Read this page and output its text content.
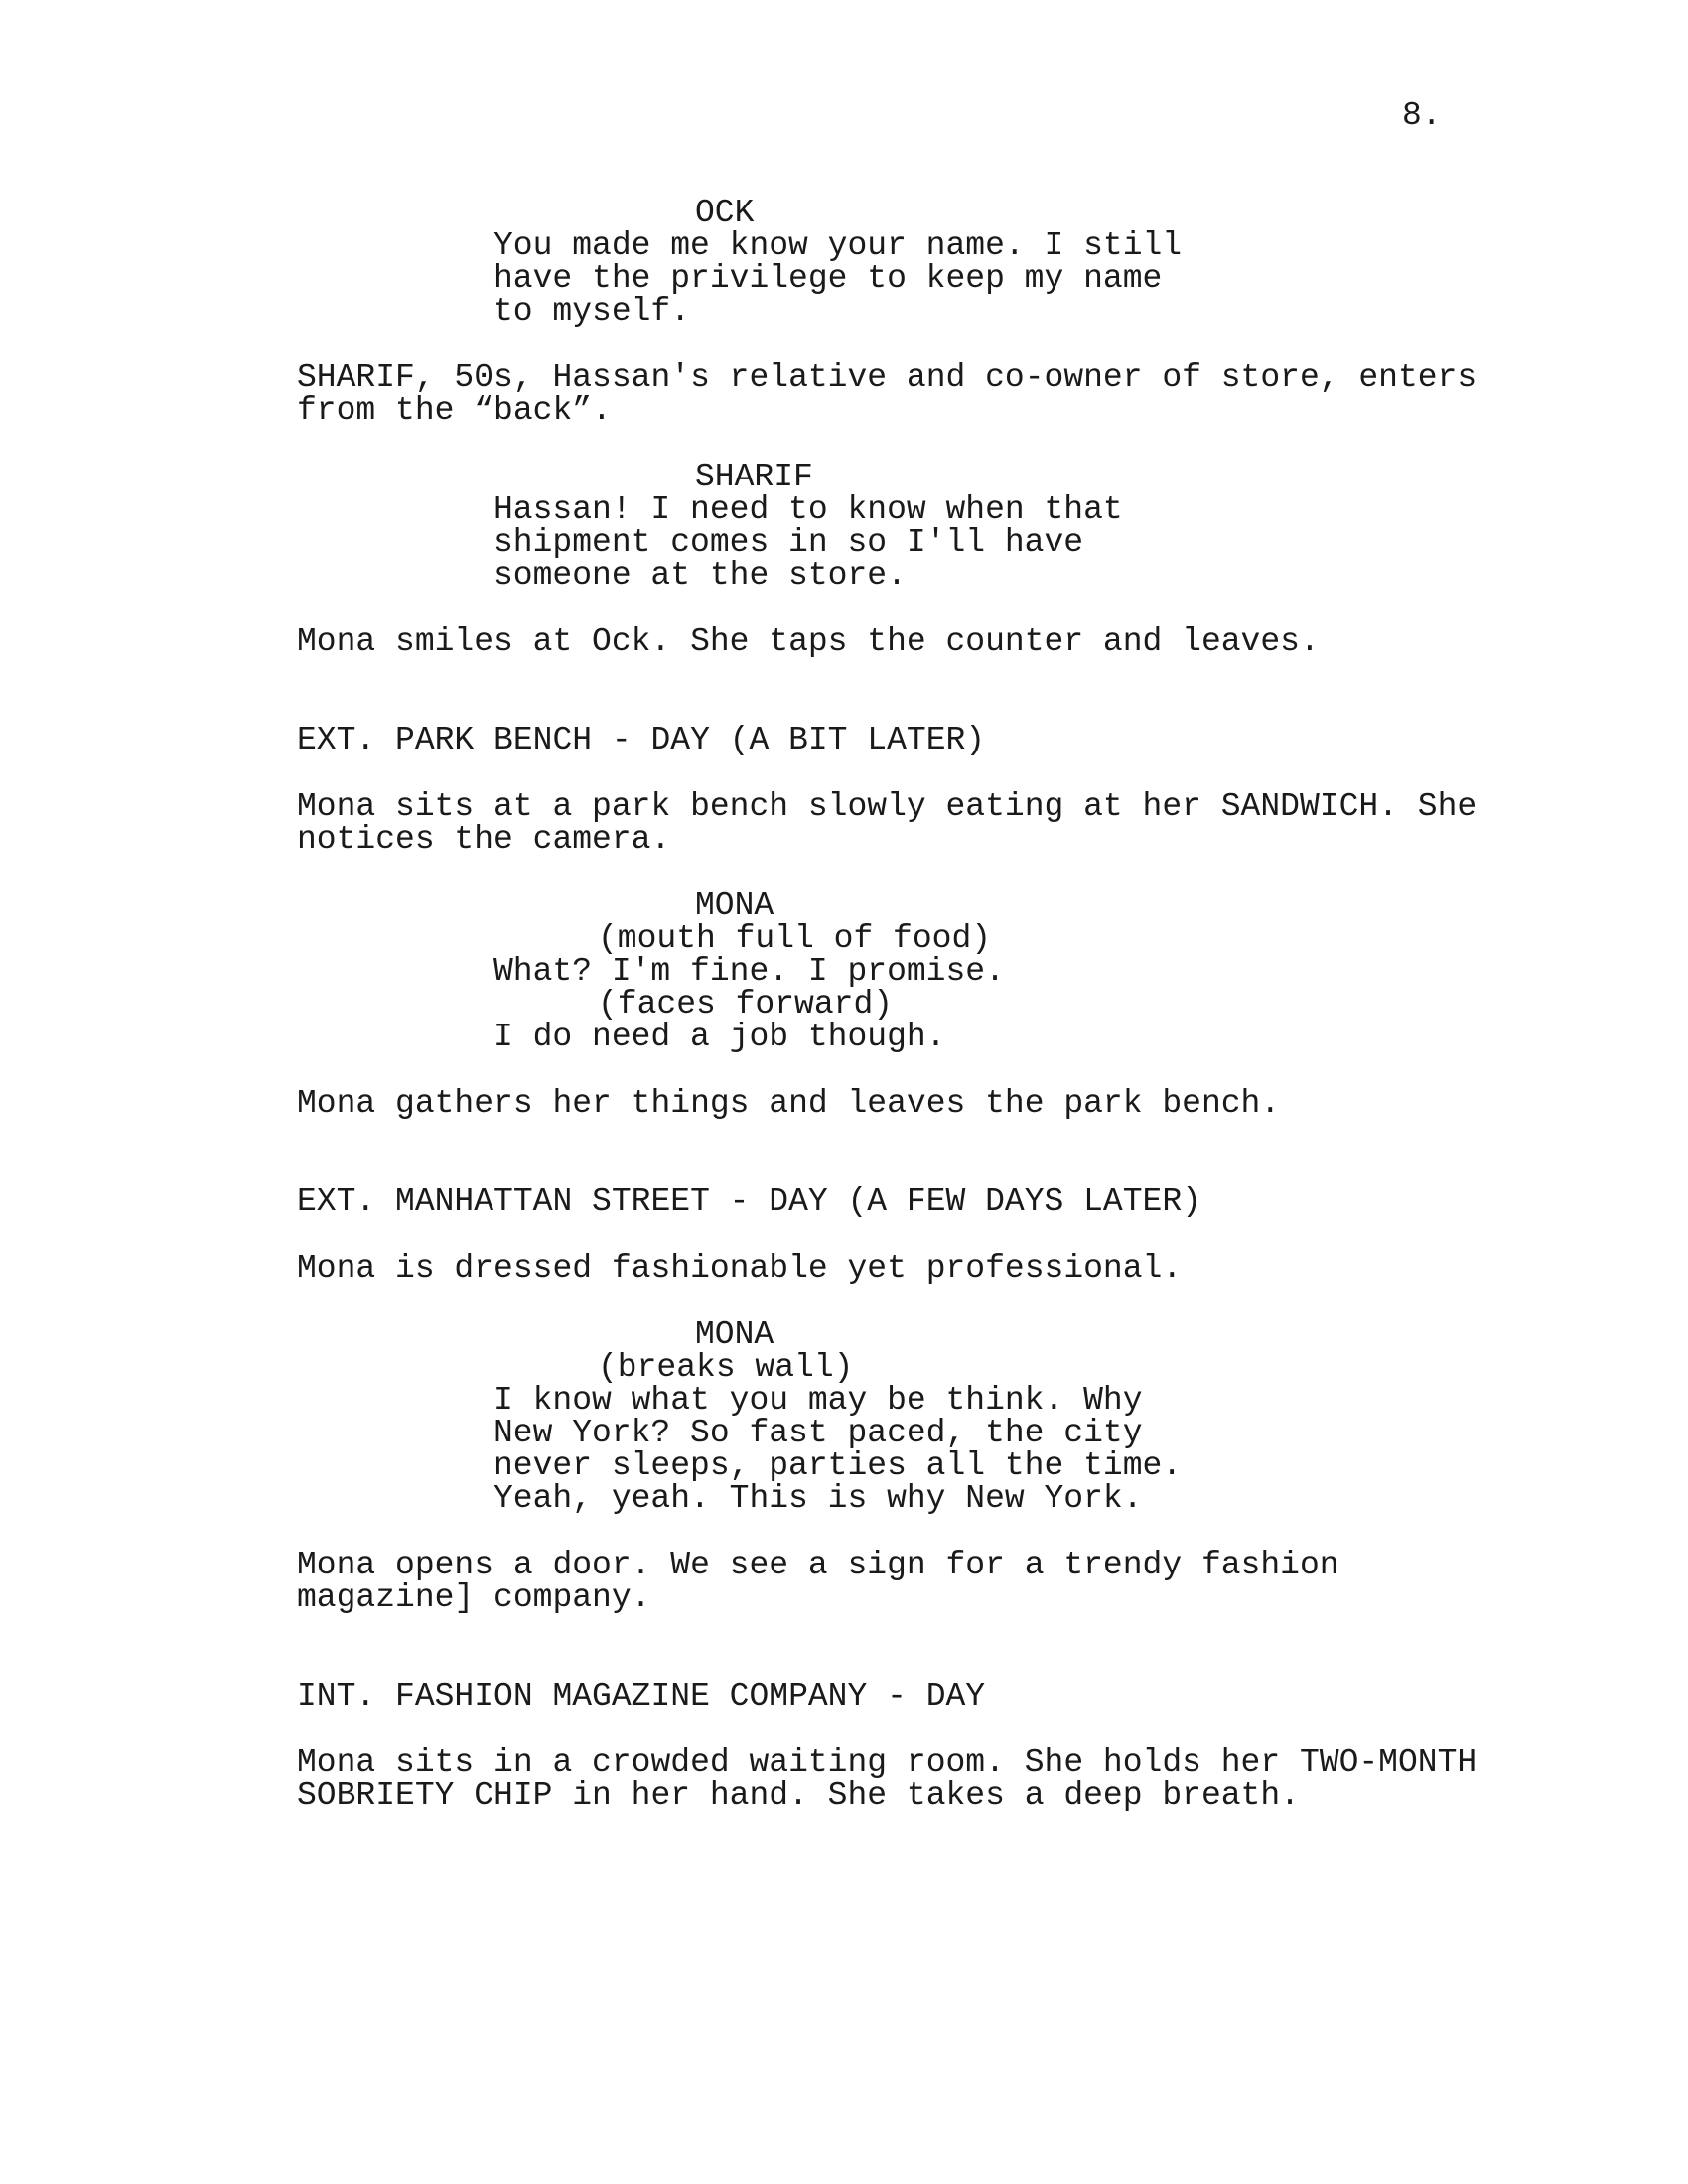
8.
OCK
You made me know your name. I still
have the privilege to keep my name
to myself.
SHARIF, 50s, Hassan's relative and co-owner of store, enters
from the “back”.
SHARIF
Hassan! I need to know when that
shipment comes in so I'll have
someone at the store.
Mona smiles at Ock. She taps the counter and leaves.
EXT. PARK BENCH - DAY (A BIT LATER)
Mona sits at a park bench slowly eating at her SANDWICH. She
notices the camera.
MONA
(mouth full of food)
What? I'm fine. I promise.
(faces forward)
I do need a job though.
Mona gathers her things and leaves the park bench.
EXT. MANHATTAN STREET - DAY (A FEW DAYS LATER)
Mona is dressed fashionable yet professional.
MONA
(breaks wall)
I know what you may be think. Why
New York? So fast paced, the city
never sleeps, parties all the time.
Yeah, yeah. This is why New York.
Mona opens a door. We see a sign for a trendy fashion
magazine] company.
INT. FASHION MAGAZINE COMPANY - DAY
Mona sits in a crowded waiting room. She holds her TWO-MONTH
SOBRIETY CHIP in her hand. She takes a deep breath.
